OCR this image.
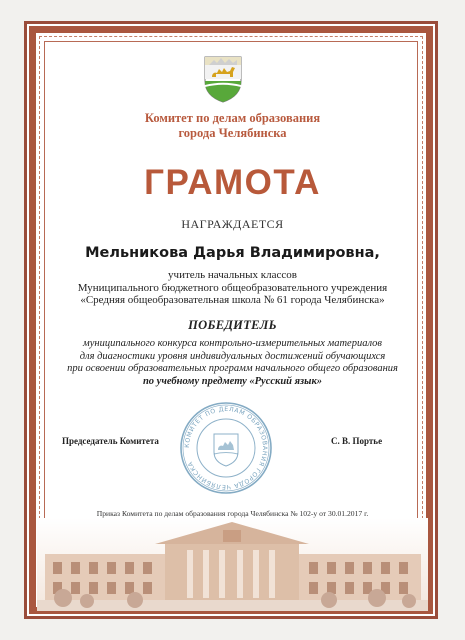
Комитет по делам образования
города Челябинска
ГРАМОТА
НАГРАЖДАЕТСЯ
Мельникова Дарья Владимировна,
учитель начальных классов
Муниципального бюджетного общеобразовательного учреждения
«Средняя общеобразовательная школа № 61 города Челябинска»
ПОБЕДИТЕЛЬ
муниципального конкурса контрольно-измерительных материалов
для диагностики уровня индивидуальных достижений обучающихся
при освоении образовательных программ начального общего образования
по учебному предмету «Русский язык»
КОМИТЕТ ПО ДЕЛАМ ОБРАЗОВАНИЯ ГОРОДА ЧЕЛЯБИНСКА
Председатель Комитета	С. В. Портье
Приказ Комитета по делам образования города Челябинска № 102-у от 30.01.2017 г.
